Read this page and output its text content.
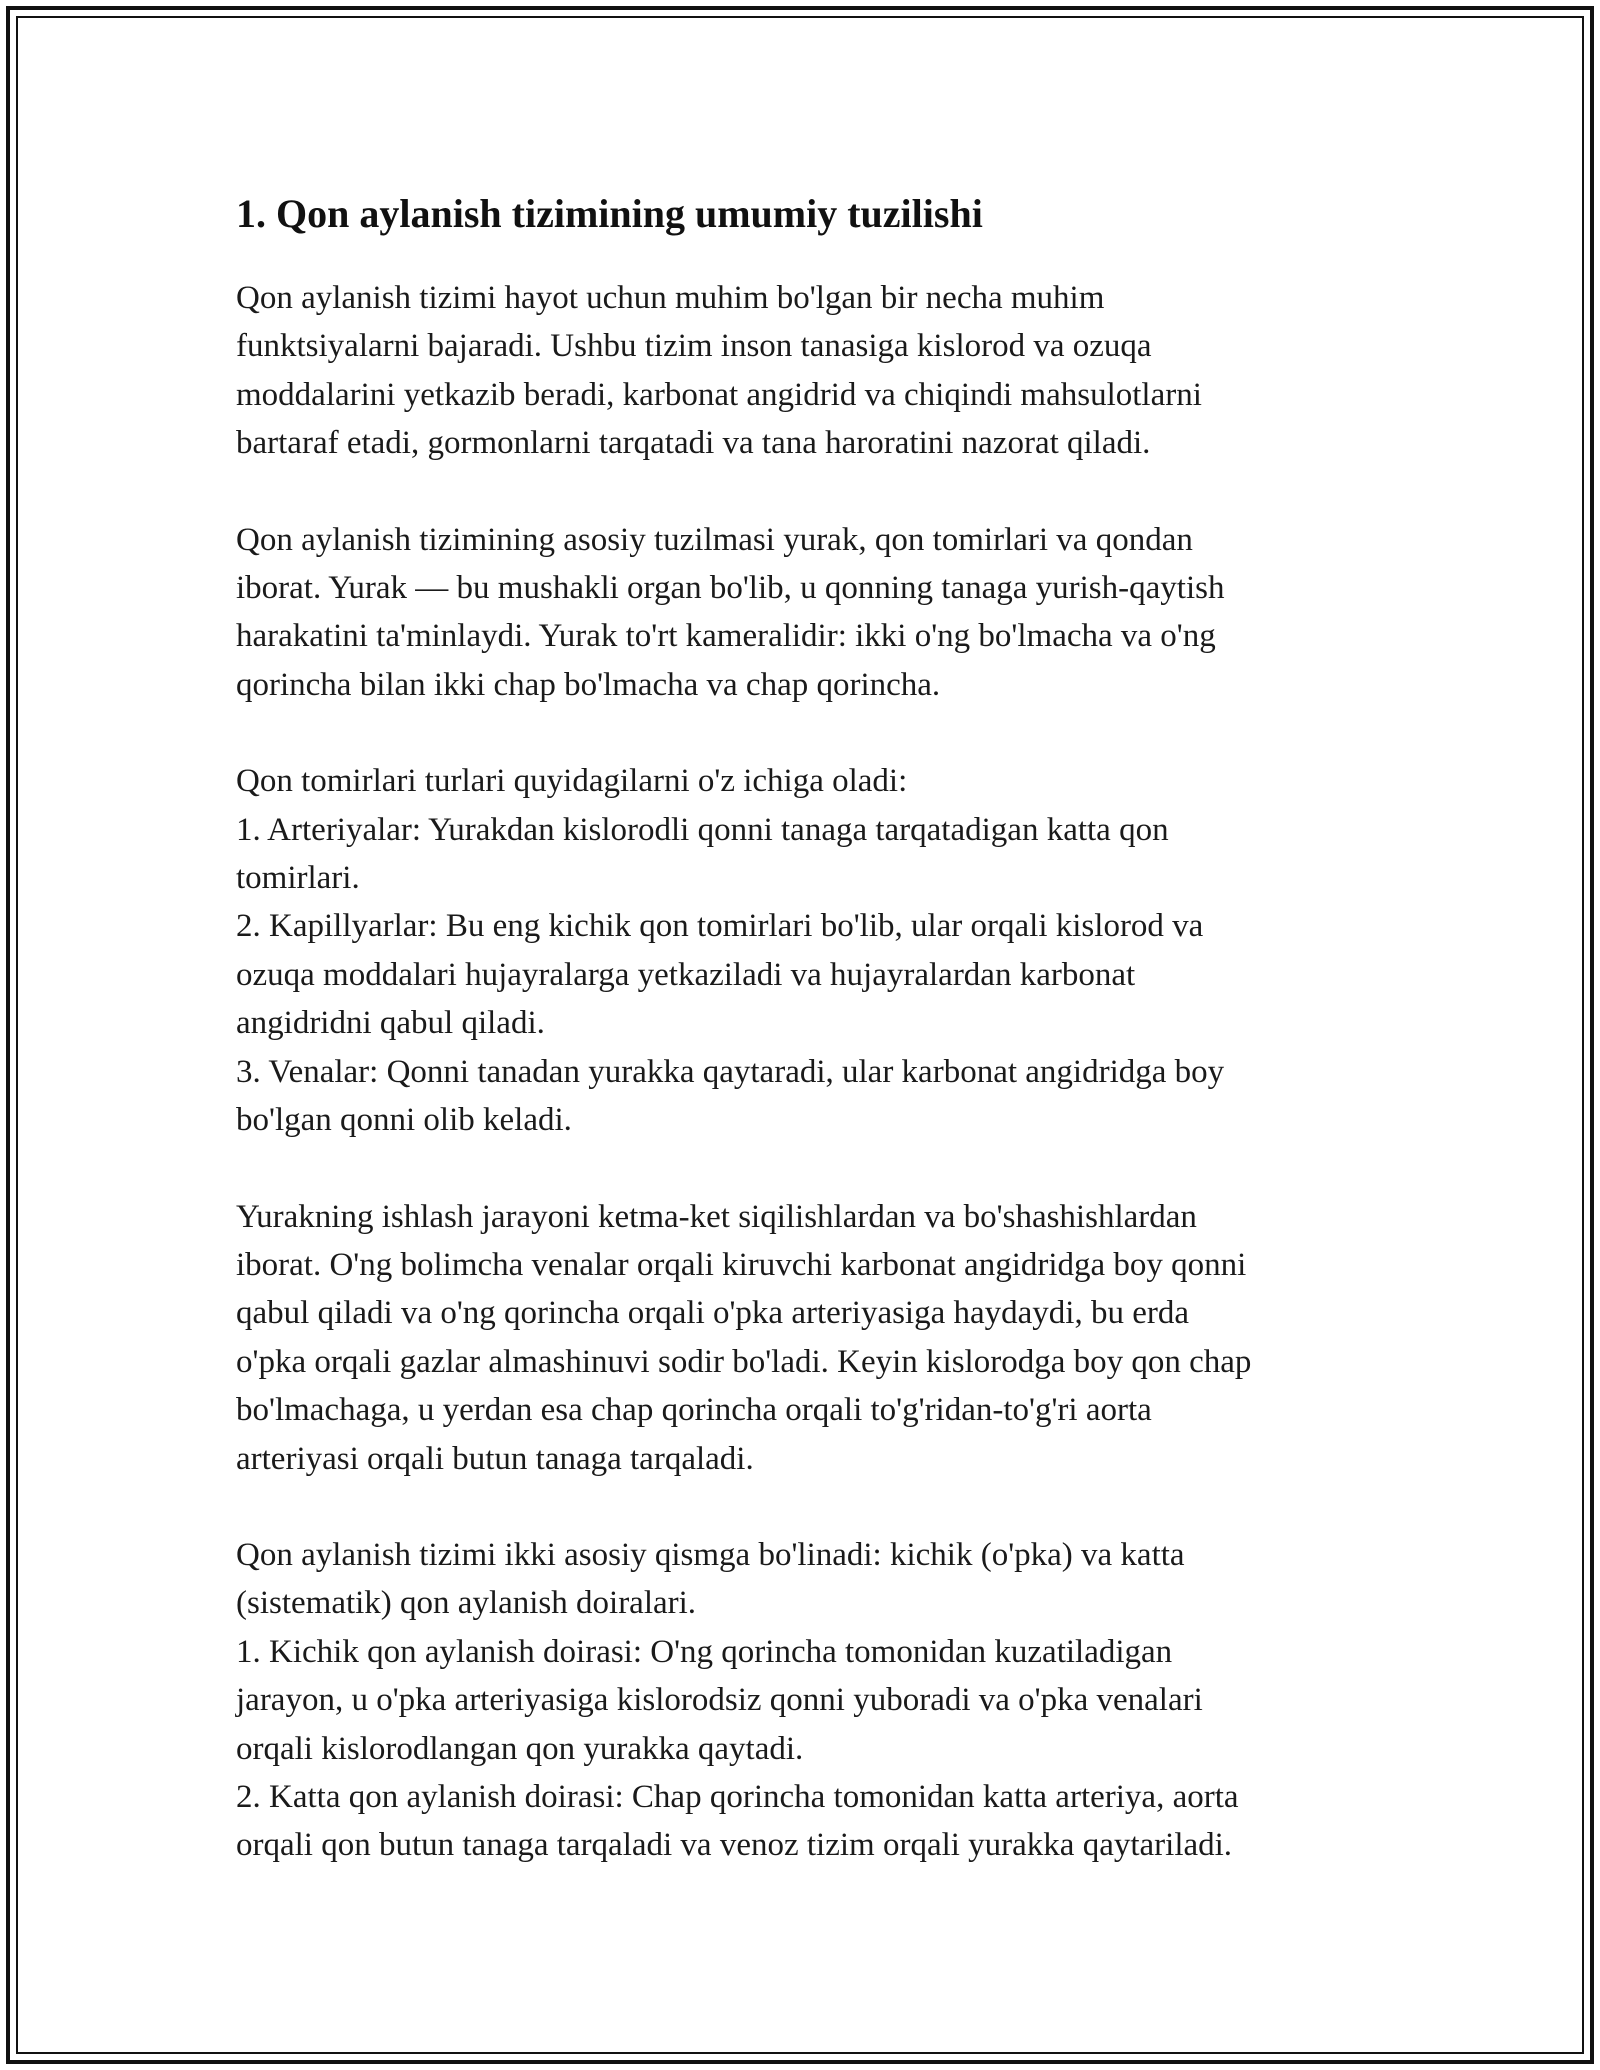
1. Qon aylanish tizimining umumiy tuzilishi

Qon aylanish tizimi hayot uchun muhim bo'lgan bir necha muhim
funktsiyalarni bajaradi. Ushbu tizim inson tanasiga kislorod va ozuqa
moddalarini yetkazib beradi, karbonat angidrid va chiqindi mahsulotlarni
bartaraf etadi, gormonlarni tarqatadi va tana haroratini nazorat qiladi.

Qon aylanish tizimining asosiy tuzilmasi yurak, qon tomirlari va qondan
iborat. Yurak — bu mushakli organ bo'lib, u qonning tanaga yurish-qaytish
harakatini ta'minlaydi. Yurak to'rt kameralidir: ikki o'ng bo'lmacha va o'ng
qorincha bilan ikki chap bo'lmacha va chap qorincha.

Qon tomirlari turlari quyidagilarni o'z ichiga oladi:
1. Arteriyalar: Yurakdan kislorodli qonni tanaga tarqatadigan katta qon
tomirlari.
2. Kapillyarlar: Bu eng kichik qon tomirlari bo'lib, ular orqali kislorod va
ozuqa moddalari hujayralarga yetkaziladi va hujayralardan karbonat
angidridni qabul qiladi.
3. Venalar: Qonni tanadan yurakka qaytaradi, ular karbonat angidridga boy
bo'lgan qonni olib keladi.

Yurakning ishlash jarayoni ketma-ket siqilishlardan va bo'shashishlardan
iborat. O'ng bolimcha venalar orqali kiruvchi karbonat angidridga boy qonni
qabul qiladi va o'ng qorincha orqali o'pka arteriyasiga haydaydi, bu erda
o'pka orqali gazlar almashinuvi sodir bo'ladi. Keyin kislorodga boy qon chap
bo'lmachaga, u yerdan esa chap qorincha orqali to'g'ridan-to'g'ri aorta
arteriyasi orqali butun tanaga tarqaladi.

Qon aylanish tizimi ikki asosiy qismga bo'linadi: kichik (o'pka) va katta
(sistematik) qon aylanish doiralari.
1. Kichik qon aylanish doirasi: O'ng qorincha tomonidan kuzatiladigan
jarayon, u o'pka arteriyasiga kislorodsiz qonni yuboradi va o'pka venalari
orqali kislorodlangan qon yurakka qaytadi.
2. Katta qon aylanish doirasi: Chap qorincha tomonidan katta arteriya, aorta
orqali qon butun tanaga tarqaladi va venoz tizim orqali yurakka qaytariladi.
